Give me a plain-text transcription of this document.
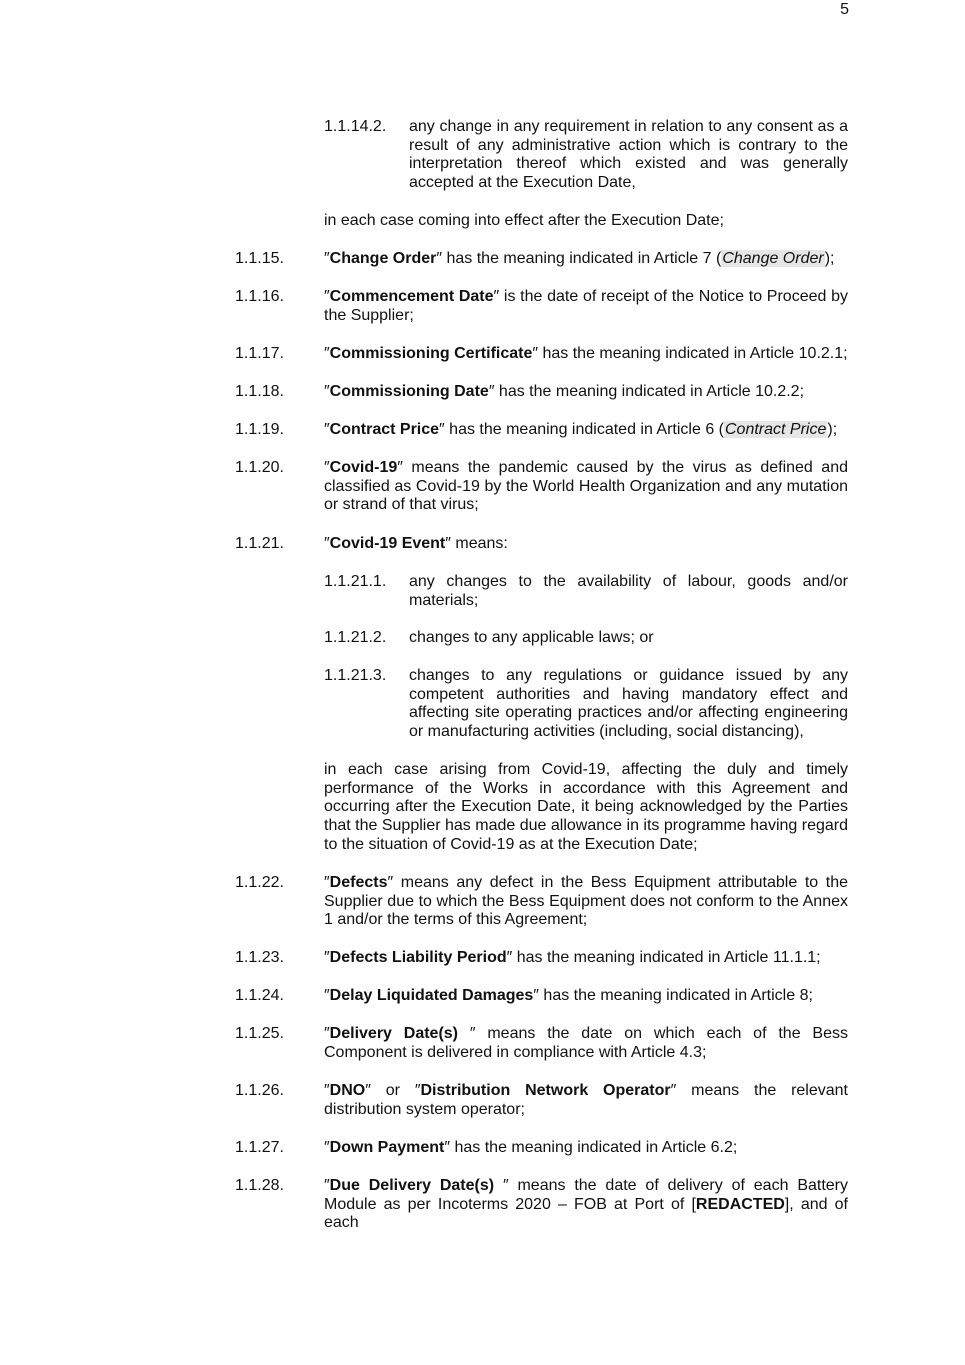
5
1.1.14.2. any change in any requirement in relation to any consent as a result of any administrative action which is contrary to the interpretation thereof which existed and was generally accepted at the Execution Date,
in each case coming into effect after the Execution Date;
1.1.15.	″Change Order″ has the meaning indicated in Article 7 (Change Order);
1.1.16.	″Commencement Date″ is the date of receipt of the Notice to Proceed by the Supplier;
1.1.17.	″Commissioning Certificate″ has the meaning indicated in Article 10.2.1;
1.1.18.	″Commissioning Date″ has the meaning indicated in Article 10.2.2;
1.1.19.	″Contract Price″ has the meaning indicated in Article 6 (Contract Price);
1.1.20.	″Covid-19″ means the pandemic caused by the virus as defined and classified as Covid-19 by the World Health Organization and any mutation or strand of that virus;
1.1.21.	″Covid-19 Event″ means:
1.1.21.1. any changes to the availability of labour, goods and/or materials;
1.1.21.2. changes to any applicable laws; or
1.1.21.3. changes to any regulations or guidance issued by any competent authorities and having mandatory effect and affecting site operating practices and/or affecting engineering or manufacturing activities (including, social distancing),
in each case arising from Covid-19, affecting the duly and timely performance of the Works in accordance with this Agreement and occurring after the Execution Date, it being acknowledged by the Parties that the Supplier has made due allowance in its programme having regard to the situation of Covid-19 as at the Execution Date;
1.1.22.	″Defects″ means any defect in the Bess Equipment attributable to the Supplier due to which the Bess Equipment does not conform to the Annex 1 and/or the terms of this Agreement;
1.1.23.	″Defects Liability Period″ has the meaning indicated in Article 11.1.1;
1.1.24.	″Delay Liquidated Damages″ has the meaning indicated in Article 8;
1.1.25.	″Delivery Date(s) ″ means the date on which each of the Bess Component is delivered in compliance with Article 4.3;
1.1.26.	″DNO″ or ″Distribution Network Operator″ means the relevant distribution system operator;
1.1.27.	″Down Payment″ has the meaning indicated in Article 6.2;
1.1.28.	″Due Delivery Date(s) ″ means the date of delivery of each Battery Module as per Incoterms 2020 – FOB at Port of [REDACTED], and of each
